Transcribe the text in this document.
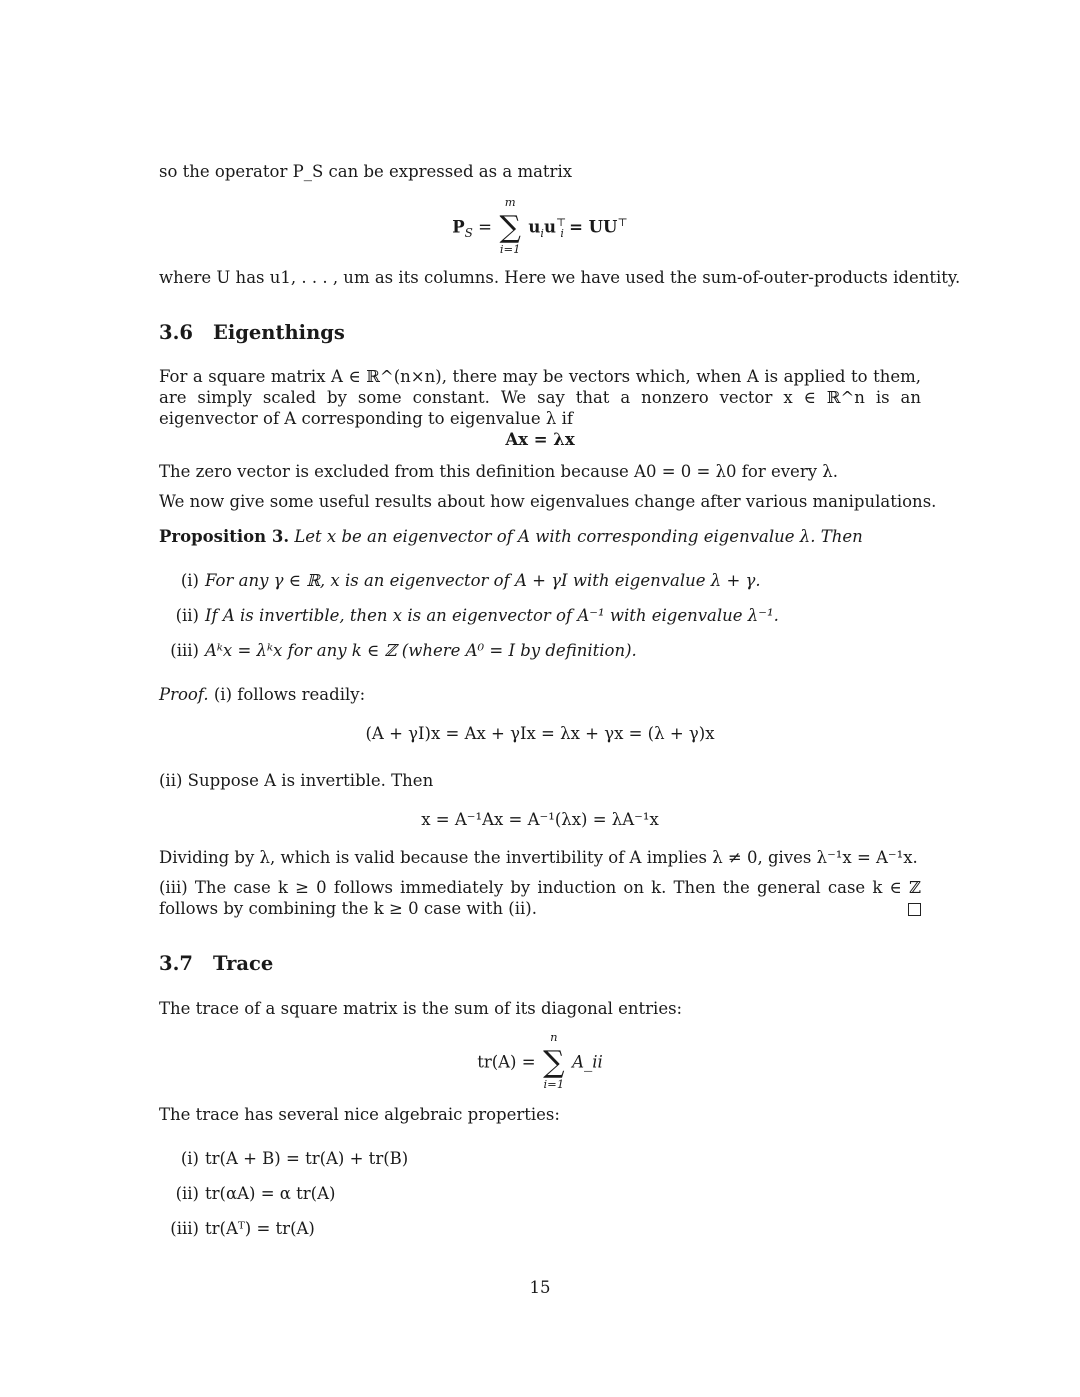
so the operator P_S can be expressed as a matrix
$P_S$ =
m
∑
i=1
$u_iu^⊤_i = UU^⊤$
where U has u1, . . . , um as its columns. Here we have used the sum-of-outer-products identity.
3.6 Eigenthings
For a square matrix A ∈ ℝ^(n×n), there may be vectors which, when A is applied to them, are simply scaled by some constant. We say that a nonzero vector x ∈ ℝ^n is an eigenvector of A corresponding to eigenvalue λ if
Ax = λx
The zero vector is excluded from this definition because A0 = 0 = λ0 for every λ.
We now give some useful results about how eigenvalues change after various manipulations.
Proposition 3. Let x be an eigenvector of A with corresponding eigenvalue λ. Then
(i) For any γ ∈ ℝ, x is an eigenvector of A + γI with eigenvalue λ + γ.
(ii) If A is invertible, then x is an eigenvector of A⁻¹ with eigenvalue λ⁻¹.
(iii) Aᵏx = λᵏx for any k ∈ ℤ (where A⁰ = I by definition).
Proof. (i) follows readily:
(A + γI)x = Ax + γIx = λx + γx = (λ + γ)x
(ii) Suppose A is invertible. Then
x = A⁻¹Ax = A⁻¹(λx) = λA⁻¹x
Dividing by λ, which is valid because the invertibility of A implies λ ≠ 0, gives λ⁻¹x = A⁻¹x.
(iii) The case k ≥ 0 follows immediately by induction on k. Then the general case k ∈ ℤ follows by combining the k ≥ 0 case with (ii).
3.7 Trace
The trace of a square matrix is the sum of its diagonal entries:
tr(A) =
n
∑
i=1
A_ii
The trace has several nice algebraic properties:
(i) tr(A + B) = tr(A) + tr(B)
(ii) tr(αA) = α tr(A)
(iii) tr(Aᵀ) = tr(A)
15
